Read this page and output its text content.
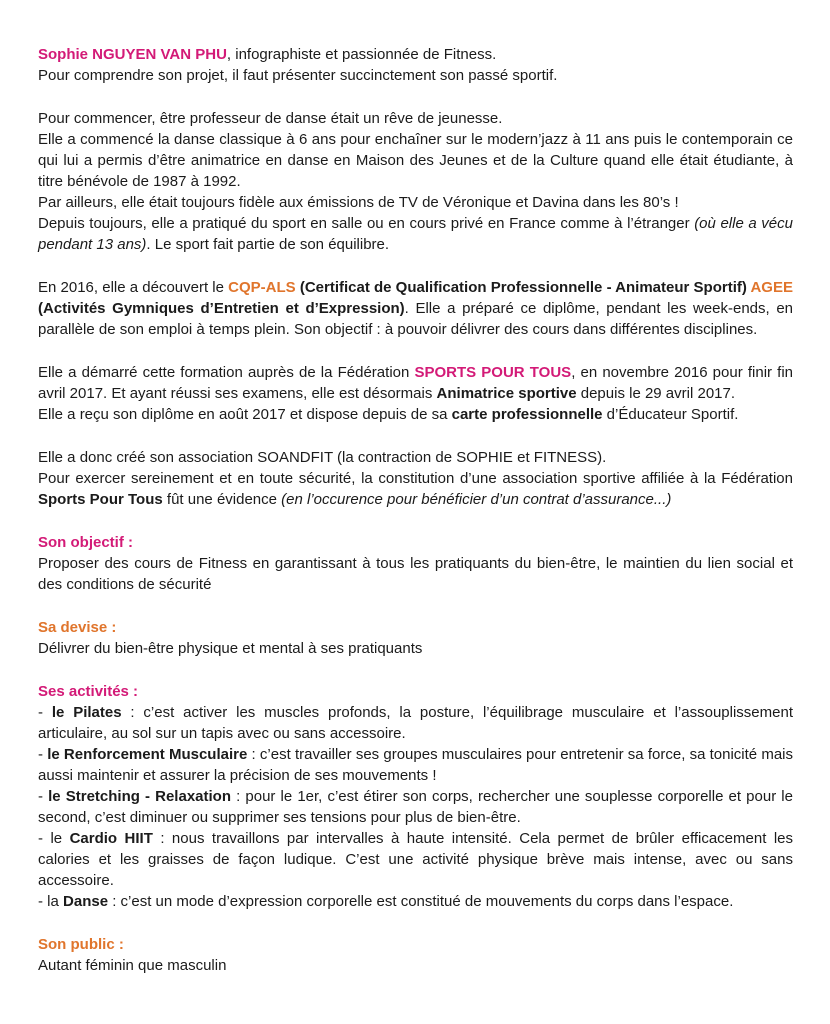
Sophie NGUYEN VAN PHU, infographiste et passionnée de Fitness.
Pour comprendre son projet, il faut présenter succinctement son passé sportif.

Pour commencer, être professeur de danse était un rêve de jeunesse.
Elle a commencé la danse classique à 6 ans pour enchaîner sur le modern’jazz à 11 ans puis le contemporain ce qui lui a permis d’être animatrice en danse en Maison des Jeunes et de la Culture quand elle était étudiante, à titre bénévole de 1987 à 1992.
Par ailleurs, elle était toujours fidèle aux émissions de TV de Véronique et Davina dans les 80’s !
Depuis toujours, elle a pratiqué du sport en salle ou en cours privé en France comme à l’étranger (où elle a vécu pendant 13 ans). Le sport fait partie de son équilibre.

En 2016, elle a découvert le CQP-ALS (Certificat de Qualification Professionnelle - Animateur Sportif) AGEE (Activités Gymniques d’Entretien et d’Expression). Elle a préparé ce diplôme, pendant les week-ends, en parallèle de son emploi à temps plein. Son objectif : à pouvoir délivrer des cours dans différentes disciplines.

Elle a démarré cette formation auprès de la Fédération SPORTS POUR TOUS, en novembre 2016 pour finir fin avril 2017. Et ayant réussi ses examens, elle est désormais Animatrice sportive depuis le 29 avril 2017.
Elle a reçu son diplôme en août 2017 et dispose depuis de sa carte professionnelle d’Éducateur Sportif.

Elle a donc créé son association SOANDFIT (la contraction de SOPHIE et FITNESS).
Pour exercer sereinement et en toute sécurité, la constitution d’une association sportive affiliée à la Fédération Sports Pour Tous fût une évidence (en l’occurence pour bénéficier d’un contrat d’assurance...)

Son objectif :
Proposer des cours de Fitness en garantissant à tous les pratiquants du bien-être, le maintien du lien social et des conditions de sécurité
Sa devise :
Délivrer du bien-être physique et mental à ses pratiquants
Ses activités :
- le Pilates : c’est activer les muscles profonds, la posture, l’équilibrage musculaire et l’assouplissement articulaire, au sol sur un tapis avec ou sans accessoire.
- le Renforcement Musculaire : c’est travailler ses groupes musculaires pour entretenir sa force, sa tonicité mais aussi maintenir et assurer la précision de ses mouvements !
- le Stretching - Relaxation : pour le 1er, c’est étirer son corps, rechercher une souplesse corporelle et pour le second, c’est diminuer ou supprimer ses tensions pour plus de bien-être.
- le Cardio HIIT : nous travaillons par intervalles à haute intensité. Cela permet de brûler efficacement les calories et les graisses de façon ludique. C’est une activité physique brève mais intense, avec ou sans accessoire.
- la Danse : c’est un mode d’expression corporelle est constitué de mouvements du corps dans l’espace.
Son public :
Autant féminin que masculin
